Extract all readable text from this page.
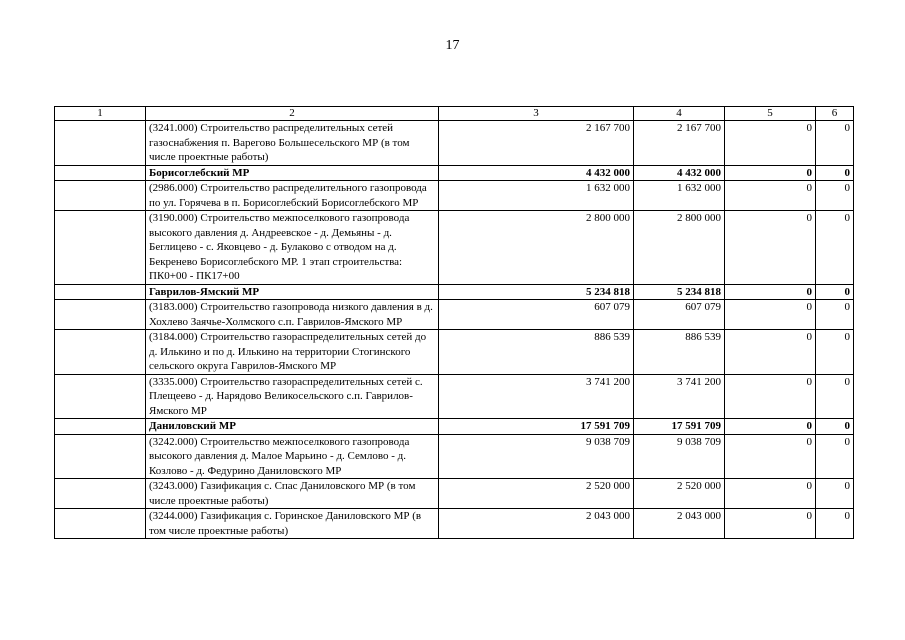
17
1	2	3	4	5	6
	(3241.000) Строительство распределительных сетей газоснабжения п. Варегово Большесельского МР (в том числе проектные работы)	2 167 700	2 167 700	0	0
	Борисоглебский МР	4 432 000	4 432 000	0	0
	(2986.000) Строительство распределительного газопровода по ул. Горячева в п. Борисоглебский Борисоглебского МР	1 632 000	1 632 000	0	0
	(3190.000) Строительство межпоселкового газопровода высокого давления д. Андреевское - д. Демьяны - д. Беглицево - с. Яковцево - д. Булаково с отводом на д. Бекренево Борисоглебского МР. 1 этап строительства: ПК0+00 - ПК17+00	2 800 000	2 800 000	0	0
	Гаврилов-Ямский МР	5 234 818	5 234 818	0	0
	(3183.000) Строительство газопровода низкого давления в д. Хохлево Заячье-Холмского с.п. Гаврилов-Ямского МР	607 079	607 079	0	0
	(3184.000) Строительство газораспределительных сетей до д. Илькино и по д. Илькино на территории Стогинского сельского округа Гаврилов-Ямского МР	886 539	886 539	0	0
	(3335.000) Строительство газораспределительных сетей с. Плещеево - д. Нарядово Великосельского с.п. Гаврилов-Ямского МР	3 741 200	3 741 200	0	0
	Даниловский МР	17 591 709	17 591 709	0	0
	(3242.000) Строительство межпоселкового газопровода высокого давления д. Малое Марьино - д. Семлово - д. Козлово - д. Федурино Даниловского МР	9 038 709	9 038 709	0	0
	(3243.000) Газификация с. Спас Даниловского МР (в том числе проектные работы)	2 520 000	2 520 000	0	0
	(3244.000) Газификация с. Горинское Даниловского МР (в том числе проектные работы)	2 043 000	2 043 000	0	0
